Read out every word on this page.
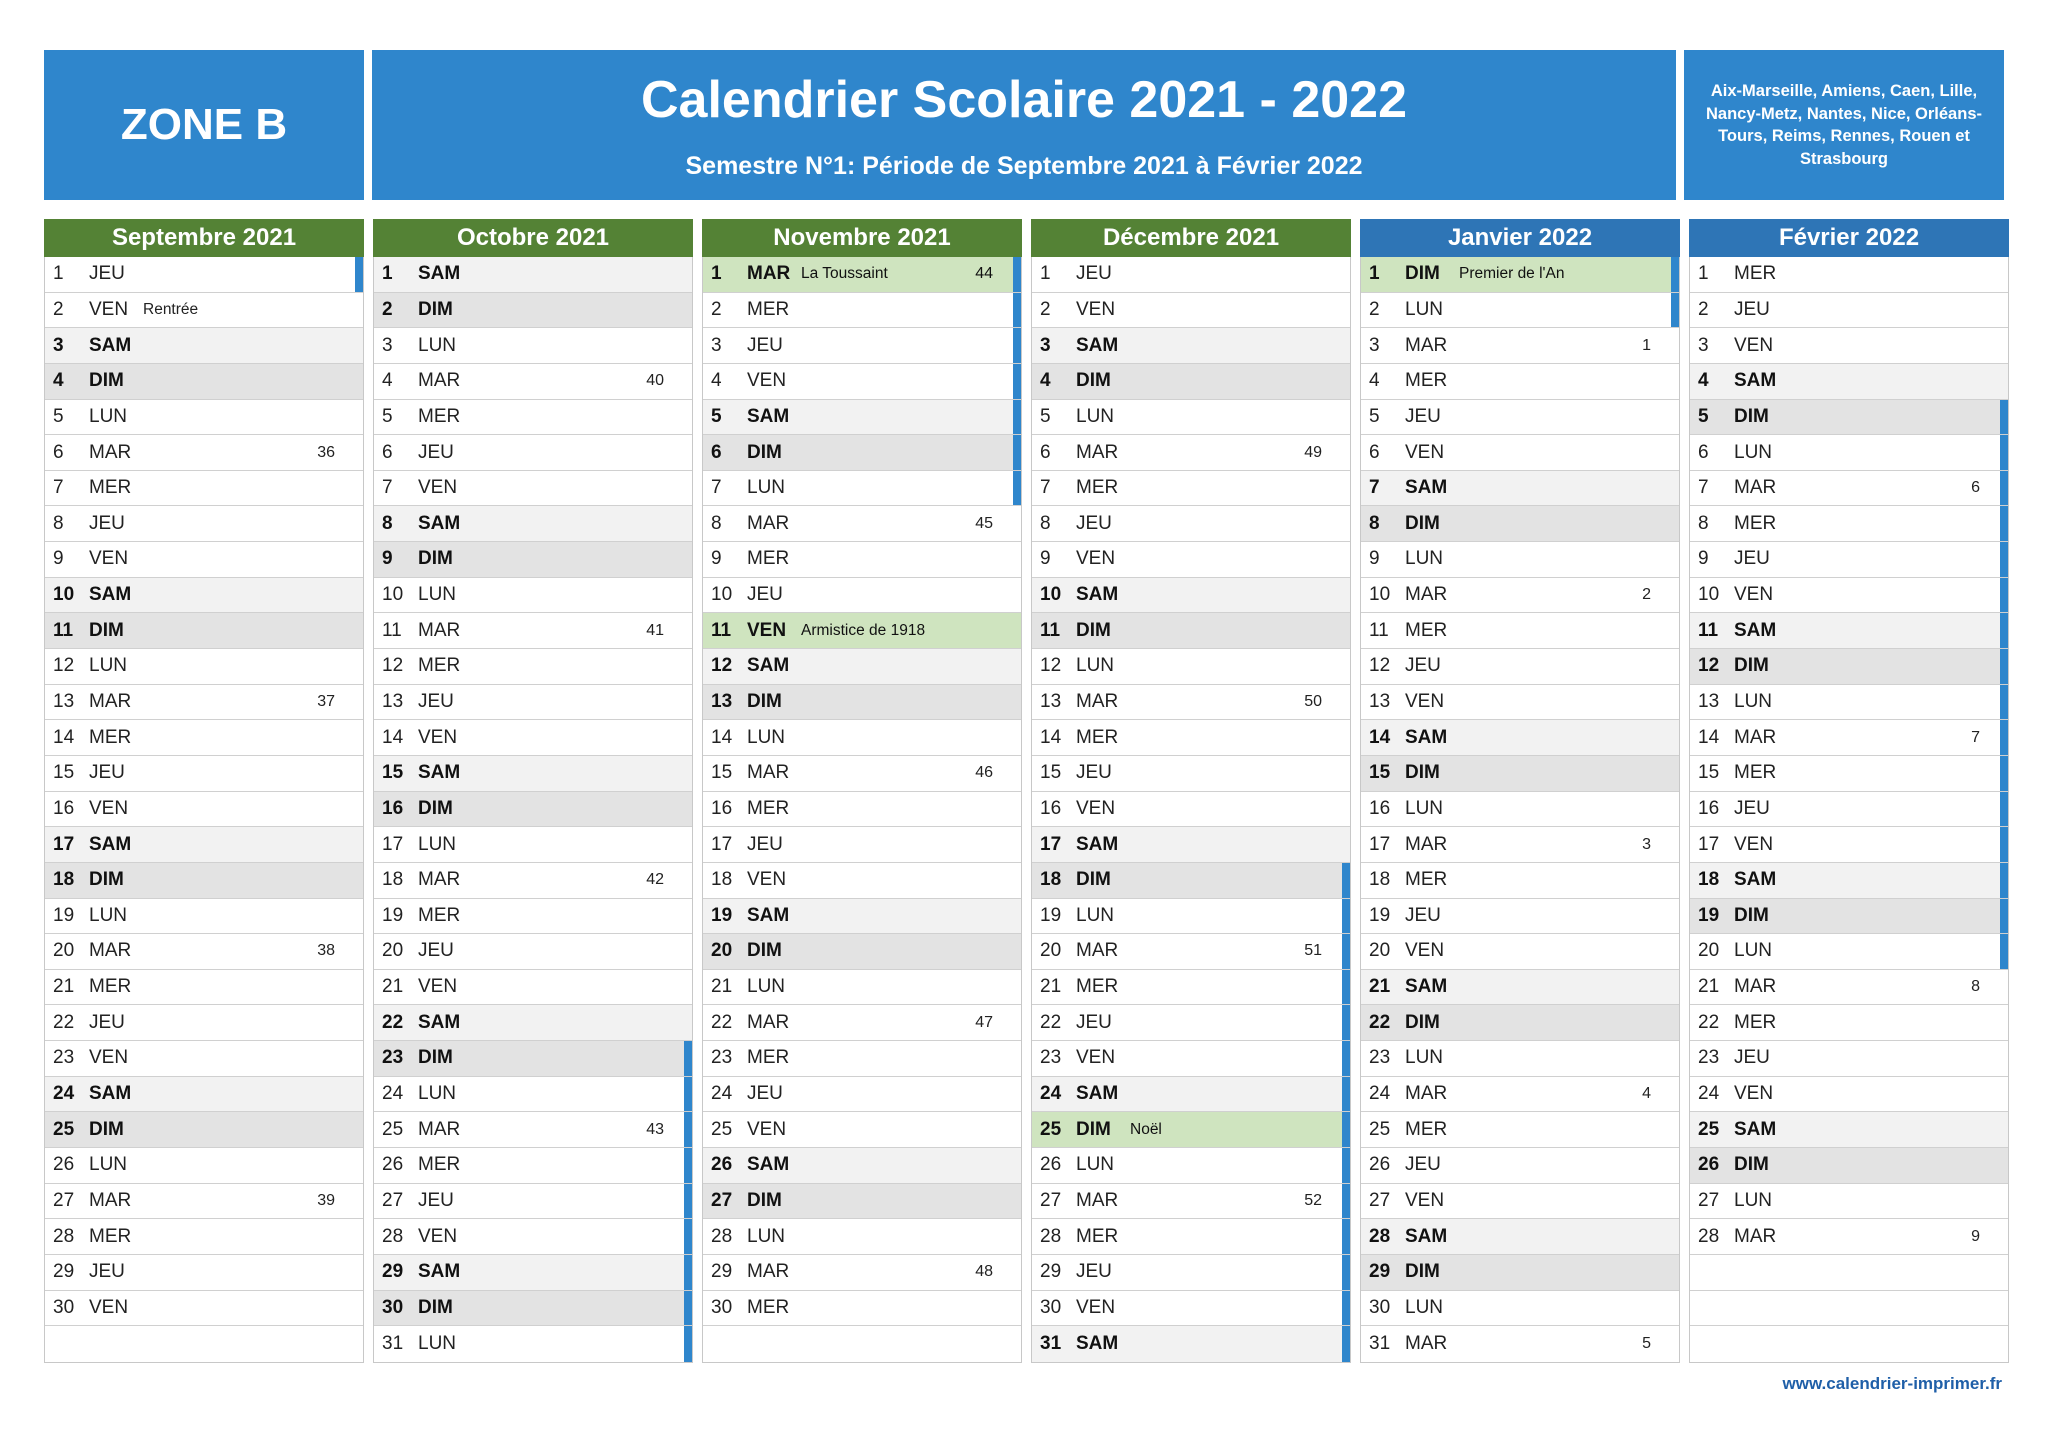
ZONE B	Calendrier Scolaire 2021 - 2022
Semestre N°1: Période de Septembre 2021 à Février 2022
Aix-Marseille, Amiens, Caen, Lille, Nancy-Metz, Nantes, Nice, Orléans-Tours, Reims, Rennes, Rouen et Strasbourg
Septembre 2021
1	JEU
2	VEN Rentrée
3	SAM
4	DIM
5	LUN
6	MAR	36
7	MER
8	JEU
9	VEN
10 SAM
11 DIM
12 LUN
13 MAR	37
14 MER
15 JEU
16 VEN
17 SAM
18 DIM
19 LUN
20 MAR	38
21 MER
22 JEU
23 VEN
24 SAM
25 DIM
26 LUN
27 MAR	39
28 MER
29 JEU
30 VEN
Octobre 2021
1	SAM
2	DIM
3	LUN
4	MAR	40
5	MER
6	JEU
7	VEN
8	SAM
9	DIM
10 LUN
11 MAR	41
12 MER
13 JEU
14 VEN
15 SAM
16 DIM
17 LUN
18 MAR	42
19 MER
20 JEU
21 VEN
22 SAM
23 DIM
24 LUN
25 MAR	43
26 MER
27 JEU
28 VEN
29 SAM
30 DIM
31 LUN
Novembre 2021
1	MAR La Toussaint	44
2	MER
3	JEU
4	VEN
5	SAM
6	DIM
7	LUN
8	MAR	45
9	MER
10 JEU
11 VEN Armistice de 1918
12 SAM
13 DIM
14 LUN
15 MAR	46
16 MER
17 JEU
18 VEN
19 SAM
20 DIM
21 LUN
22 MAR	47
23 MER
24 JEU
25 VEN
26 SAM
27 DIM
28 LUN
29 MAR	48
30 MER
Décembre 2021
1	JEU
2	VEN
3	SAM
4	DIM
5	LUN
6	MAR	49
7	MER
8	JEU
9	VEN
10 SAM
11 DIM
12 LUN
13 MAR	50
14 MER
15 JEU
16 VEN
17 SAM
18 DIM
19 LUN
20 MAR	51
21 MER
22 JEU
23 VEN
24 SAM
25 DIM	Noël
26 LUN
27 MAR	52
28 MER
29 JEU
30 VEN
31 SAM
Janvier 2022
1	DIM	Premier de l'An
2	LUN
3	MAR	1
4	MER
5	JEU
6	VEN
7	SAM
8	DIM
9	LUN
10 MAR	2
11 MER
12 JEU
13 VEN
14 SAM
15 DIM
16 LUN
17 MAR	3
18 MER
19 JEU
20 VEN
21 SAM
22 DIM
23 LUN
24 MAR	4
25 MER
26 JEU
27 VEN
28 SAM
29 DIM
30 LUN
31 MAR	5
Février 2022
1	MER
2	JEU
3	VEN
4	SAM
5	DIM
6	LUN
7	MAR	6
8	MER
9	JEU
10 VEN
11 SAM
12 DIM
13 LUN
14 MAR	7
15 MER
16 JEU
17 VEN
18 SAM
19 DIM
20 LUN
21 MAR	8
22 MER
23 JEU
24 VEN
25 SAM
26 DIM
27 LUN
28 MAR	9
www.calendrier-imprimer.fr
